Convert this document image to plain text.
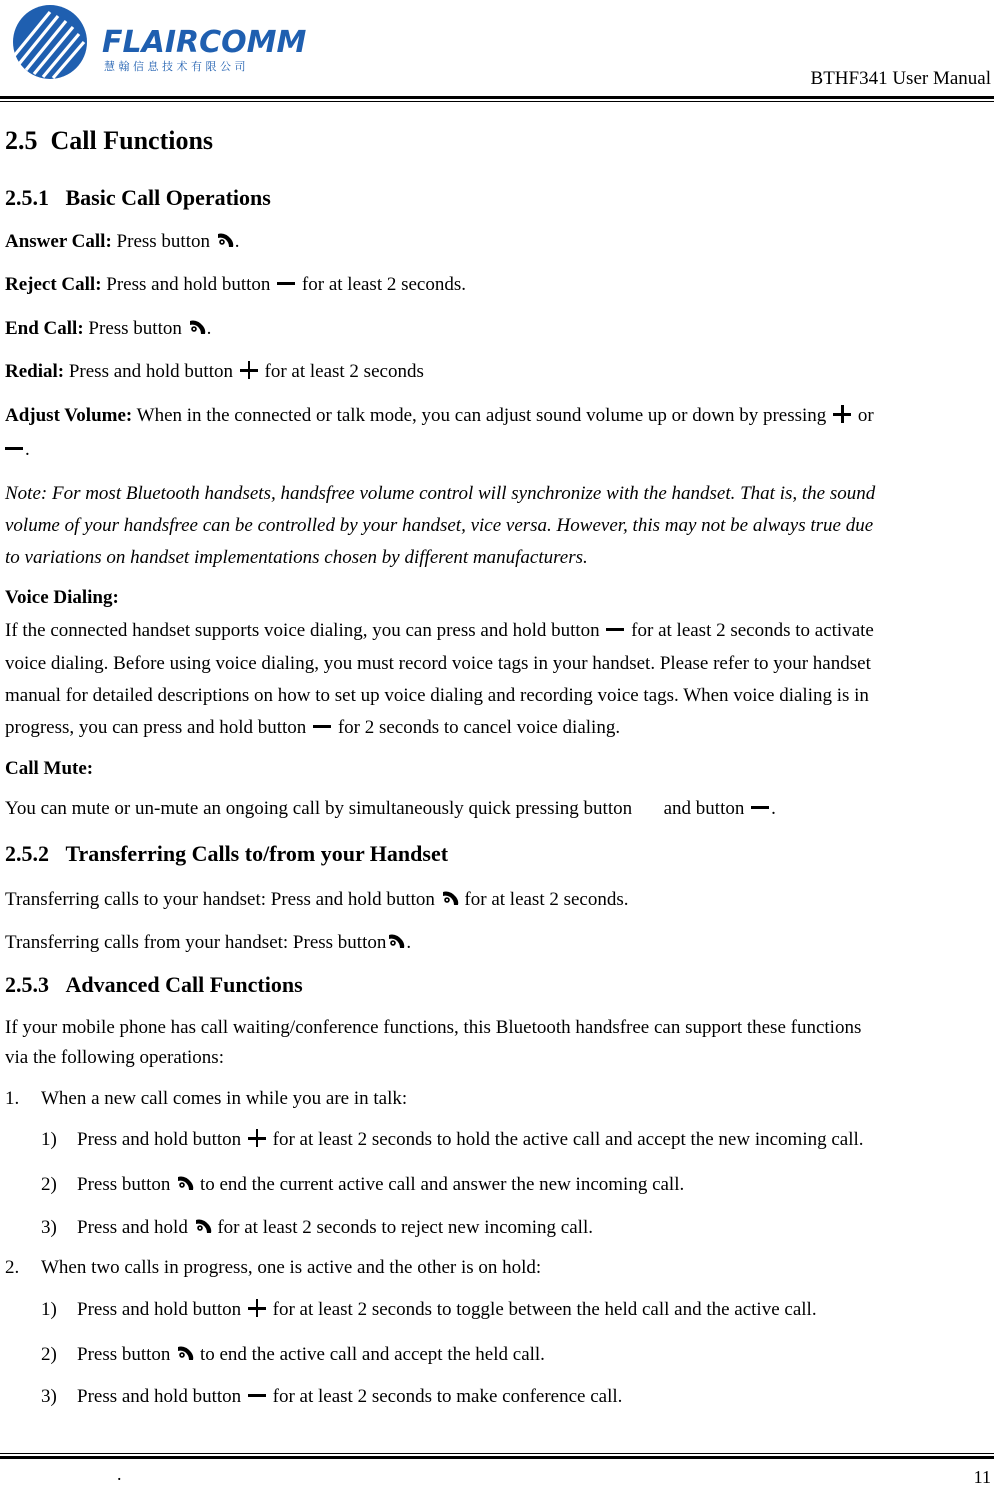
FLAIRCOMM
慧 翰 信 息 技 术 有 限 公 司
BTHF341 User Manual
2.5 Call Functions
2.5.1 Basic Call Operations
Answer Call: Press button .
Reject Call: Press and hold button  for at least 2 seconds.
End Call: Press button .
Redial: Press and hold button  for at least 2 seconds
Adjust Volume: When in the connected or talk mode, you can adjust sound volume up or down by pressing  or
.
Note: For most Bluetooth handsets, handsfree volume control will synchronize with the handset. That is, the sound
volume of your handsfree can be controlled by your handset, vice versa. However, this may not be always true due
to variations on handset implementations chosen by different manufacturers.
Voice Dialing:
If the connected handset supports voice dialing, you can press and hold button  for at least 2 seconds to activate
voice dialing. Before using voice dialing, you must record voice tags in your handset. Please refer to your handset
manual for detailed descriptions on how to set up voice dialing and recording voice tags. When voice dialing is in
progress, you can press and hold button  for 2 seconds to cancel voice dialing.
Call Mute:
You can mute or un-mute an ongoing call by simultaneously quick pressing button  and button .
2.5.2 Transferring Calls to/from your Handset
Transferring calls to your handset: Press and hold button  for at least 2 seconds.
Transferring calls from your handset: Press button .
2.5.3 Advanced Call Functions
If your mobile phone has call waiting/conference functions, this Bluetooth handsfree can support these functions
via the following operations:
1. When a new call comes in while you are in talk:
1) Press and hold button  for at least 2 seconds to hold the active call and accept the new incoming call.
2) Press button  to end the current active call and answer the new incoming call.
3) Press and hold  for at least 2 seconds to reject new incoming call.
2. When two calls in progress, one is active and the other is on hold:
1) Press and hold button  for at least 2 seconds to toggle between the held call and the active call.
2) Press button  to end the active call and accept the held call.
3) Press and hold button  for at least 2 seconds to make conference call.
.	11
